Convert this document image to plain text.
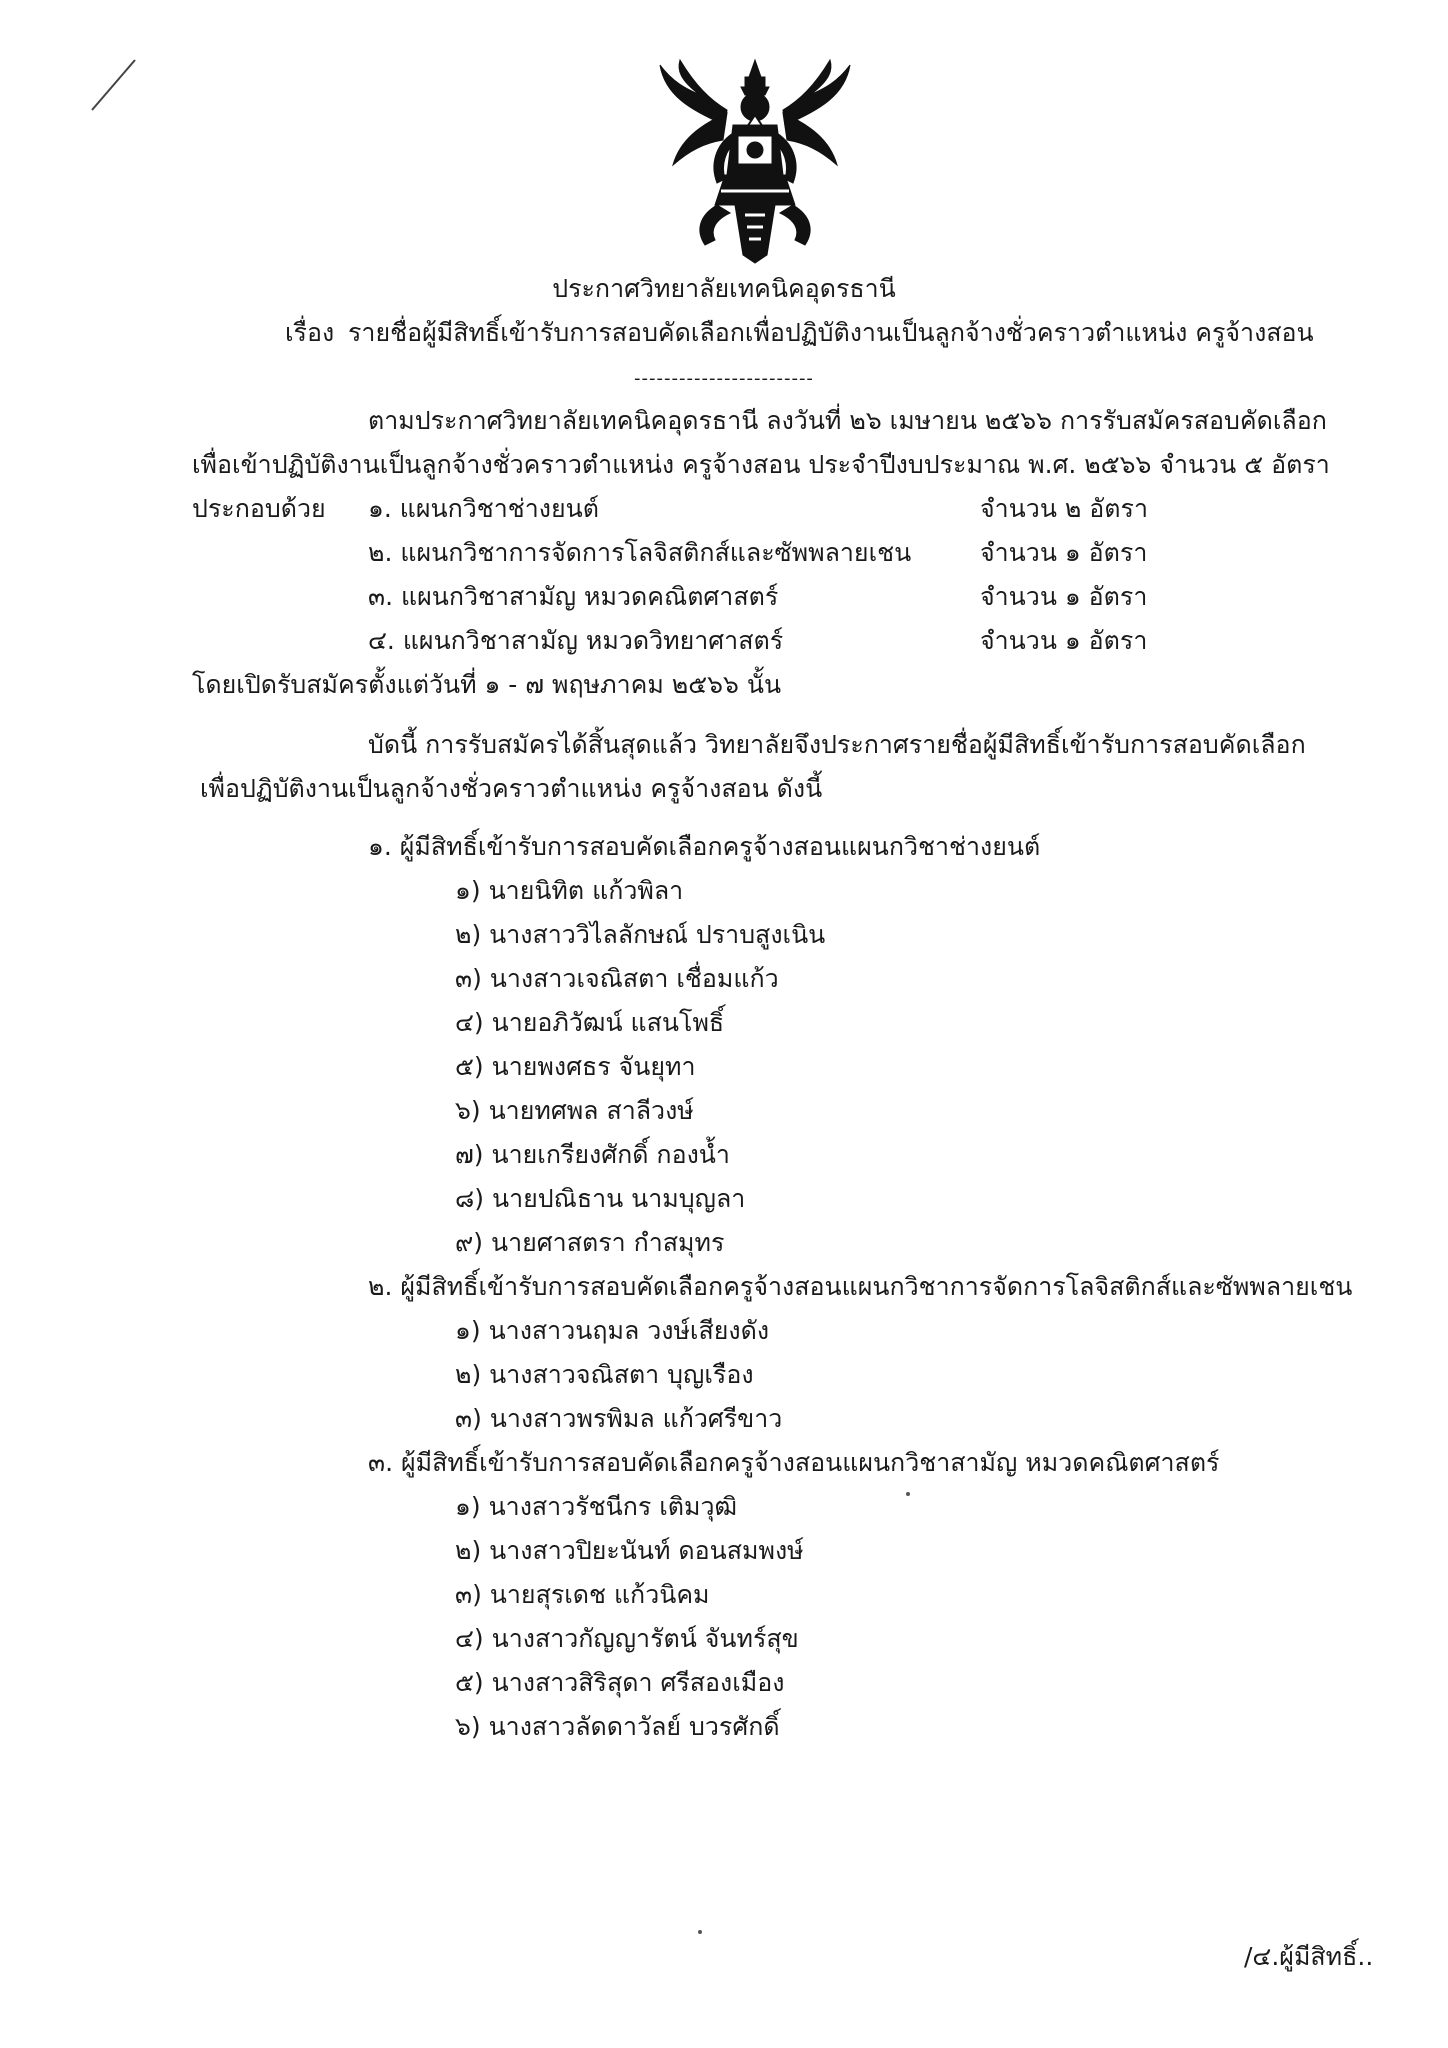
ประกาศวิทยาลัยเทคนิคอุดรธานี
เรื่อง รายชื่อผู้มีสิทธิ์เข้ารับการสอบคัดเลือกเพื่อปฏิบัติงานเป็นลูกจ้างชั่วคราวตำแหน่ง ครูจ้างสอน
------------------------
ตามประกาศวิทยาลัยเทคนิคอุดรธานี ลงวันที่ ๒๖ เมษายน ๒๕๖๖ การรับสมัครสอบคัดเลือก
เพื่อเข้าปฏิบัติงานเป็นลูกจ้างชั่วคราวตำแหน่ง ครูจ้างสอน ประจำปีงบประมาณ พ.ศ. ๒๕๖๖ จำนวน ๕ อัตรา
ประกอบด้วย ๑. แผนกวิชาช่างยนต์	จำนวน ๒ อัตรา
๒. แผนกวิชาการจัดการโลจิสติกส์และซัพพลายเชน	จำนวน ๑ อัตรา
๓. แผนกวิชาสามัญ หมวดคณิตศาสตร์	จำนวน ๑ อัตรา
๔. แผนกวิชาสามัญ หมวดวิทยาศาสตร์	จำนวน ๑ อัตรา
โดยเปิดรับสมัครตั้งแต่วันที่ ๑ - ๗ พฤษภาคม ๒๕๖๖ นั้น
บัดนี้ การรับสมัครได้สิ้นสุดแล้ว วิทยาลัยจึงประกาศรายชื่อผู้มีสิทธิ์เข้ารับการสอบคัดเลือก
เพื่อปฏิบัติงานเป็นลูกจ้างชั่วคราวตำแหน่ง ครูจ้างสอน ดังนี้
๑. ผู้มีสิทธิ์เข้ารับการสอบคัดเลือกครูจ้างสอนแผนกวิชาช่างยนต์
๑) นายนิทิต แก้วพิลา
๒) นางสาววิไลลักษณ์ ปราบสูงเนิน
๓) นางสาวเจณิสตา เชื่อมแก้ว
๔) นายอภิวัฒน์ แสนโพธิ์
๕) นายพงศธร จันยุทา
๖) นายทศพล สาลีวงษ์
๗) นายเกรียงศักดิ์ กองน้ำ
๘) นายปณิธาน นามบุญลา
๙) นายศาสตรา กำสมุทร
๒. ผู้มีสิทธิ์เข้ารับการสอบคัดเลือกครูจ้างสอนแผนกวิชาการจัดการโลจิสติกส์และซัพพลายเชน
๑) นางสาวนฤมล วงษ์เสียงดัง
๒) นางสาวจณิสตา บุญเรือง
๓) นางสาวพรพิมล แก้วศรีขาว
๓. ผู้มีสิทธิ์เข้ารับการสอบคัดเลือกครูจ้างสอนแผนกวิชาสามัญ หมวดคณิตศาสตร์
๑) นางสาวรัชนีกร เติมวุฒิ
๒) นางสาวปิยะนันท์ ดอนสมพงษ์
๓) นายสุรเดช แก้วนิคม
๔) นางสาวกัญญารัตน์ จันทร์สุข
๕) นางสาวสิริสุดา ศรีสองเมือง
๖) นางสาวลัดดาวัลย์ บวรศักดิ์
/๔.ผู้มีสิทธิ์..
